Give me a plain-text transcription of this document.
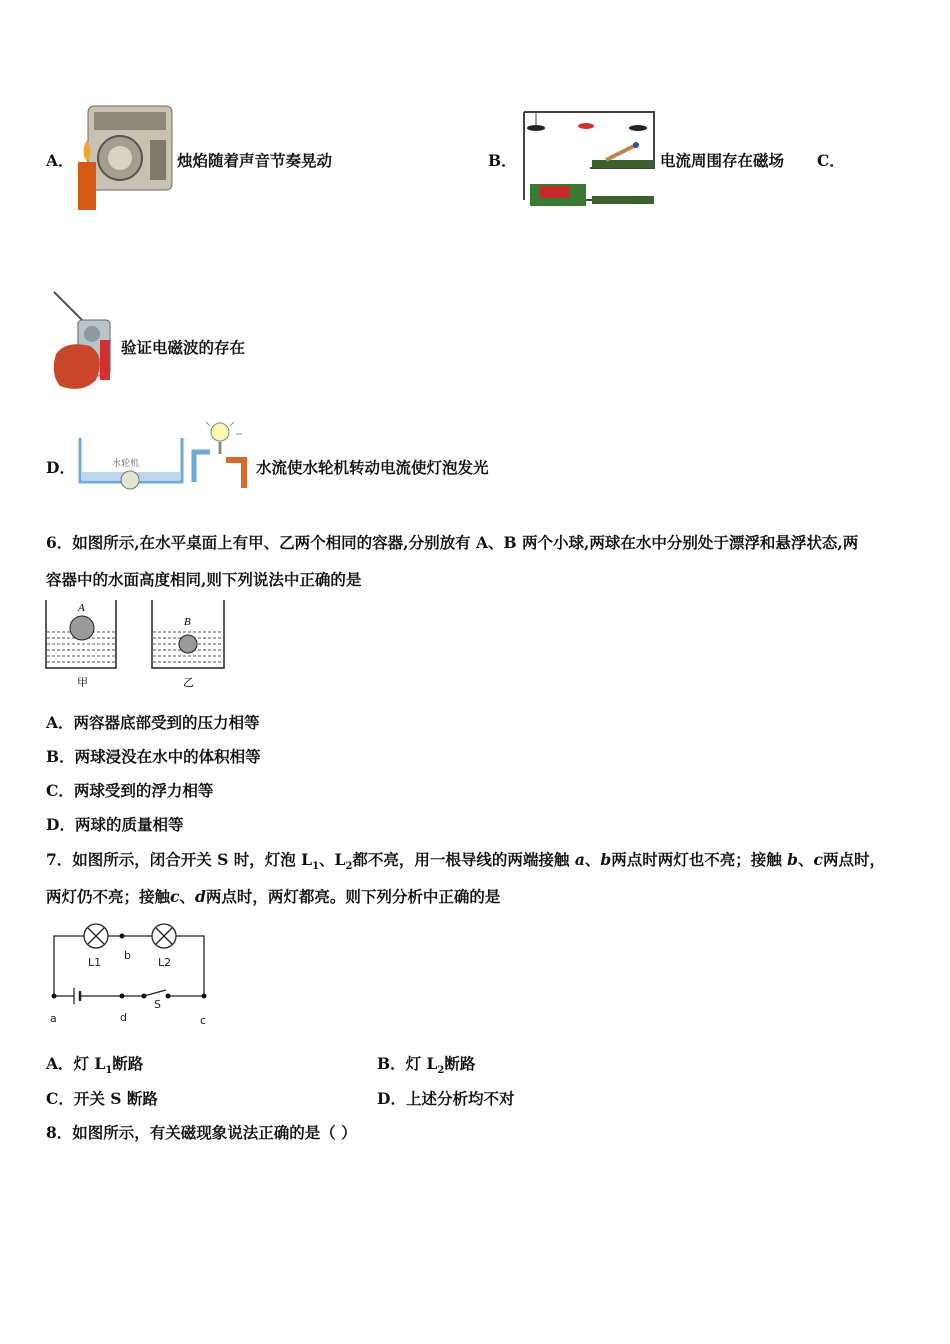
A．	烛焰随着声音节奏晃动	B．	电流周围存在磁场 C．
验证电磁波的存在
D．	水轮机	水流使水轮机转动电流使灯泡发光
6．如图所示,在水平桌面上有甲、乙两个相同的容器,分别放有 A、B 两个小球,两球在水中分别处于漂浮和悬浮状态,两
容器中的水面高度相同,则下列说法中正确的是
A
甲
B
乙
A．两容器底部受到的压力相等
B．两球浸没在水中的体积相等
C．两球受到的浮力相等
D．两球的质量相等
7．如图所示，闭合开关 S 时，灯泡 $L_1$、$L_2$都不亮，用一根导线的两端接触 a、b两点时两灯也不亮；接触 b、c两点时，
两灯仍不亮；接触c、d两点时，两灯都亮。则下列分析中正确的是
L1	L2
b
a	d	c
S
A．灯 $L_1$断路	B．灯 $L_2$断路
C．开关 S 断路	D．上述分析均不对
8．如图所示，有关磁现象说法正确的是（ ）
